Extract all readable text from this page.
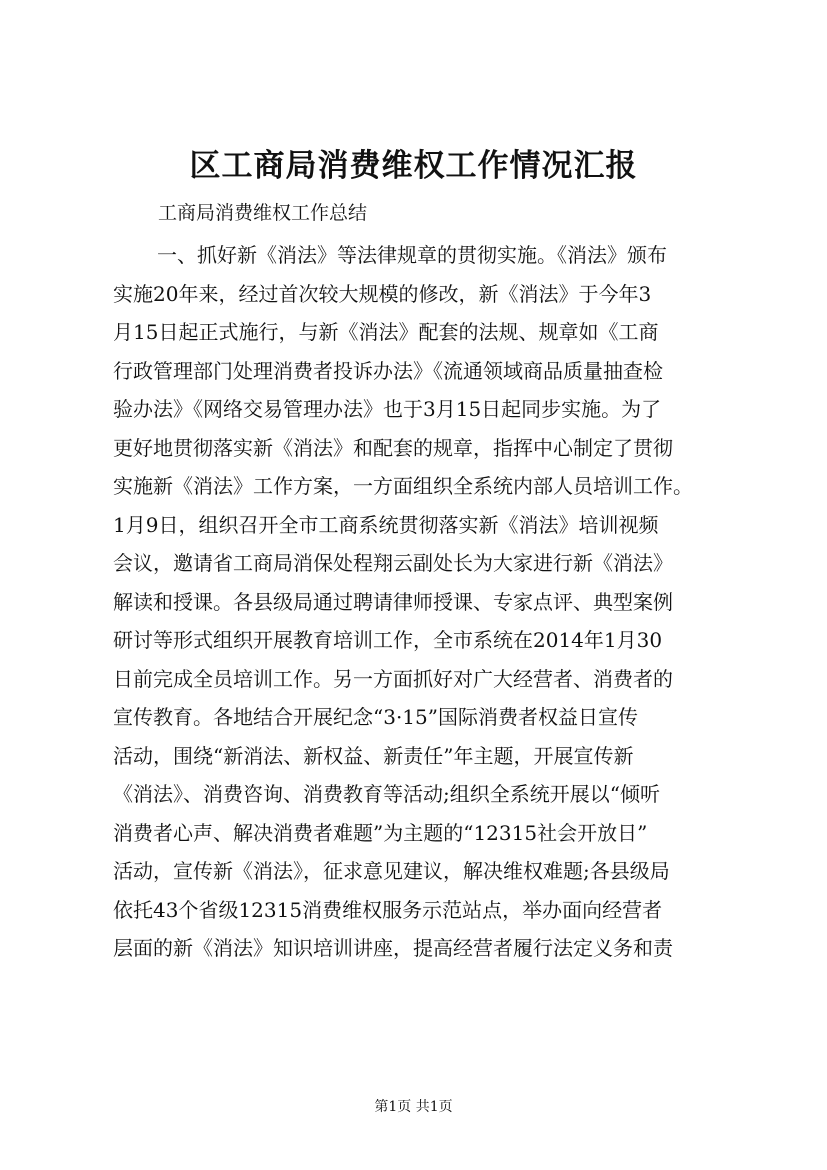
区工商局消费维权工作情况汇报
工商局消费维权工作总结
一、抓好新《消法》等法律规章的贯彻实施。《消法》颁布
实施20年来，经过首次较大规模的修改，新《消法》于今年3
月15日起正式施行，与新《消法》配套的法规、规章如《工商
行政管理部门处理消费者投诉办法》《流通领域商品质量抽查检
验办法》《网络交易管理办法》也于3月15日起同步实施。为了
更好地贯彻落实新《消法》和配套的规章，指挥中心制定了贯彻
实施新《消法》工作方案，一方面组织全系统内部人员培训工作。
1月9日，组织召开全市工商系统贯彻落实新《消法》培训视频
会议，邀请省工商局消保处程翔云副处长为大家进行新《消法》
解读和授课。各县级局通过聘请律师授课、专家点评、典型案例
研讨等形式组织开展教育培训工作，全市系统在2014年1月30
日前完成全员培训工作。另一方面抓好对广大经营者、消费者的
宣传教育。各地结合开展纪念“3·15”国际消费者权益日宣传
活动，围绕“新消法、新权益、新责任”年主题，开展宣传新
《消法》、消费咨询、消费教育等活动;组织全系统开展以“倾听
消费者心声、解决消费者难题”为主题的“12315社会开放日”
活动，宣传新《消法》，征求意见建议，解决维权难题;各县级局
依托43个省级12315消费维权服务示范站点，举办面向经营者
层面的新《消法》知识培训讲座，提高经营者履行法定义务和责
第1页 共1页
